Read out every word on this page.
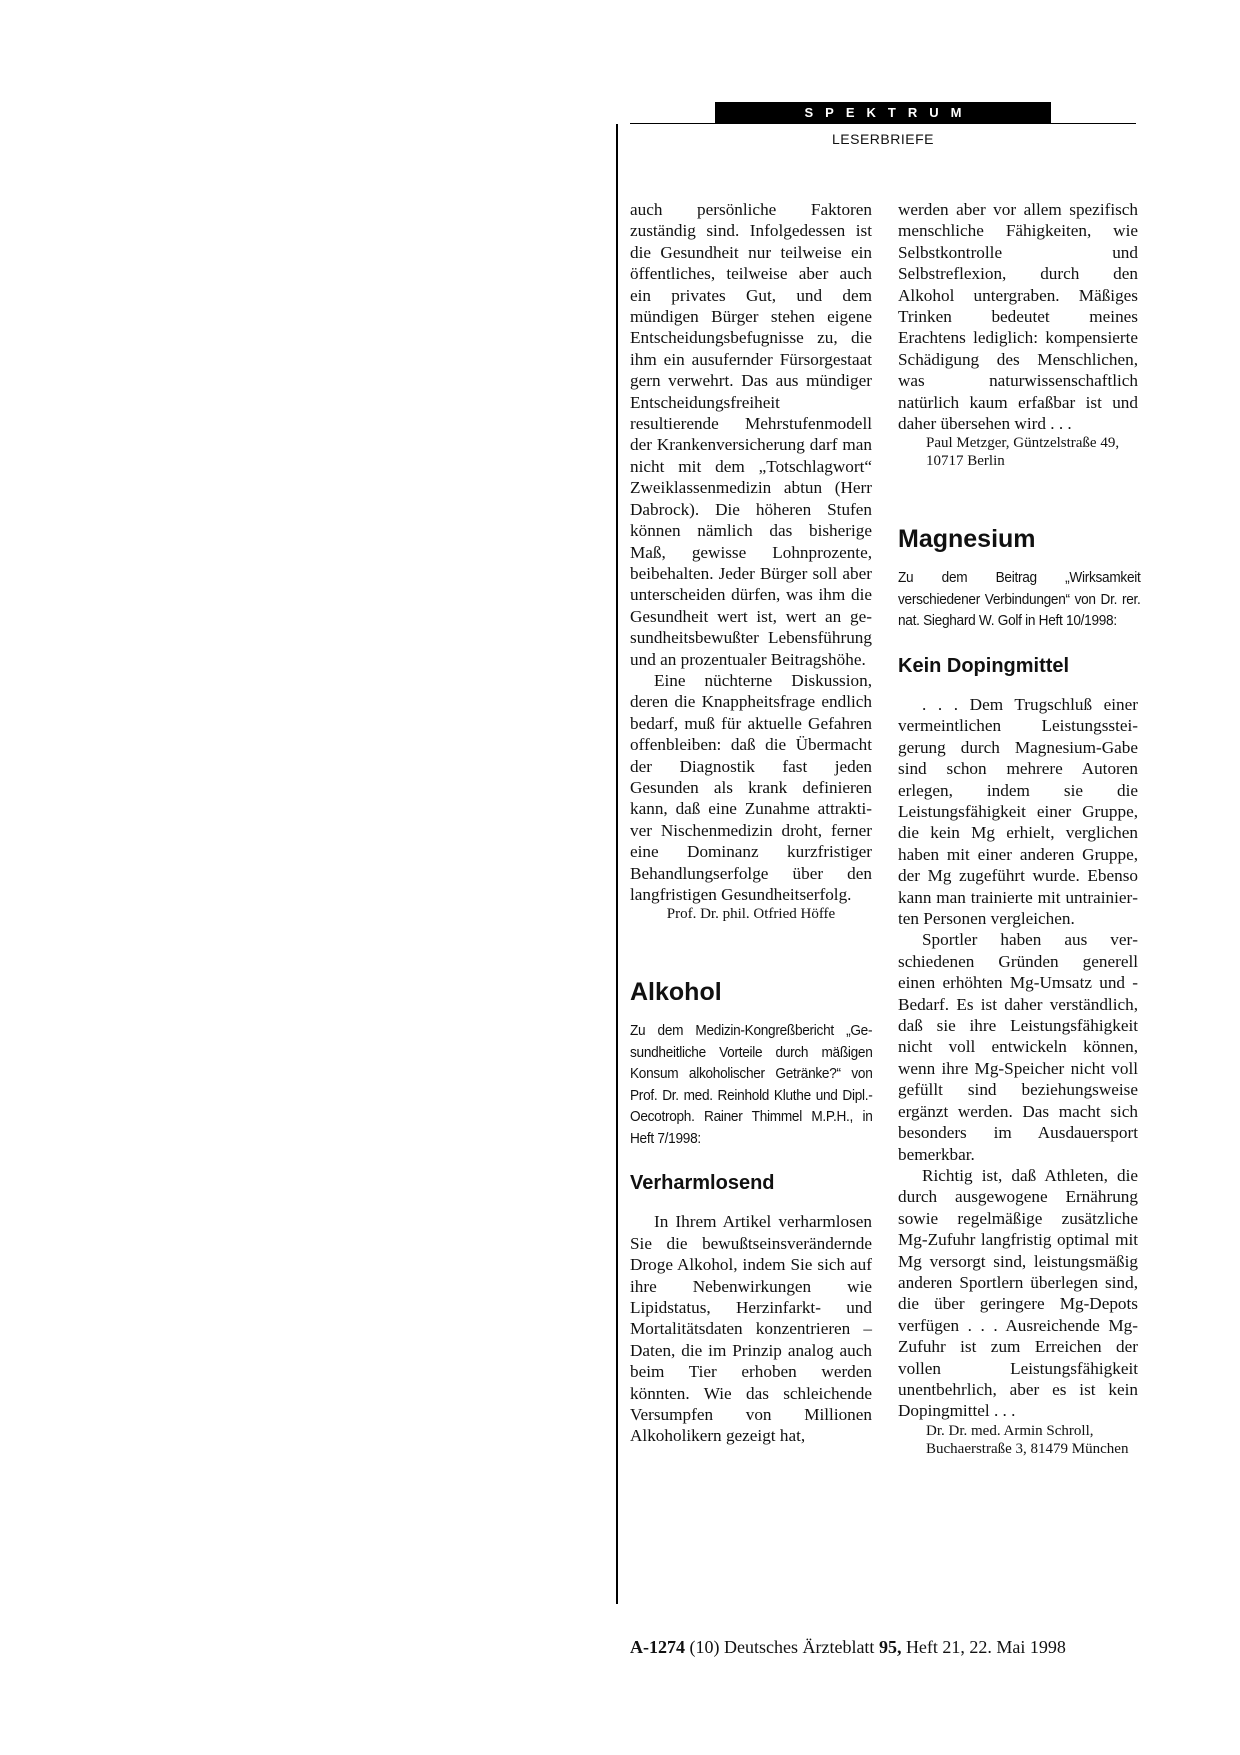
SPEKTRUM
LESERBRIEFE

auch persönliche Faktoren zuständig sind. Infolgedessen ist die Gesundheit nur teilweise ein öffentliches, teilweise aber auch ein privates Gut, und dem mündigen Bürger stehen eigene Entscheidungsbefugnisse zu, die ihm ein ausufernder Fürsorgestaat gern verwehrt. Das aus mündiger Entscheidungsfreiheit resultierende Mehrstufenmodell der Krankenversicherung darf man nicht mit dem „Totschlagwort“ Zweiklassenmedizin abtun (Herr Dabrock). Die höheren Stufen können nämlich das bisherige Maß, gewisse Lohnprozente, beibehalten. Jeder Bürger soll aber unterscheiden dürfen, was ihm die Gesundheit wert ist, wert an gesundheitsbewußter Lebensführung und an prozentualer Beitragshöhe.

Eine nüchterne Diskussion, deren die Knappheitsfrage endlich bedarf, muß für aktuelle Gefahren offenbleiben: daß die Übermacht der Diagnostik fast jeden Gesunden als krank definieren kann, daß eine Zunahme attraktiver Nischenmedizin droht, ferner eine Dominanz kurzfristiger Behandlungserfolge über den langfristigen Gesundheitserfolg.

Prof. Dr. phil. Otfried Höffe

Alkohol

Zu dem Medizin-Kongreßbericht „Gesundheitliche Vorteile durch mäßigen Konsum alkoholischer Getränke?“ von Prof. Dr. med. Reinhold Kluthe und Dipl.-Oecotroph. Rainer Thimmel M.P.H., in Heft 7/1998:

Verharmlosend

In Ihrem Artikel verharmlosen Sie die bewußtseinsverändernde Droge Alkohol, indem Sie sich auf ihre Nebenwirkungen wie Lipidstatus, Herzinfarkt- und Mortalitätsdaten konzentrieren – Daten, die im Prinzip analog auch beim Tier erhoben werden könnten. Wie das schleichende Versumpfen von Millionen Alkoholikern gezeigt hat,

werden aber vor allem spezifisch menschliche Fähigkeiten, wie Selbstkontrolle und Selbstreflexion, durch den Alkohol untergraben. Mäßiges Trinken bedeutet meines Erachtens lediglich: kompensierte Schädigung des Menschlichen, was naturwissenschaftlich natürlich kaum erfaßbar ist und daher übersehen wird . . .

Paul Metzger, Güntzelstraße 49, 10717 Berlin

Magnesium

Zu dem Beitrag „Wirksamkeit verschiedener Verbindungen“ von Dr. rer. nat. Sieghard W. Golf in Heft 10/1998:

Kein Dopingmittel

. . . Dem Trugschluß einer vermeintlichen Leistungssteigerung durch Magnesium-Gabe sind schon mehrere Autoren erlegen, indem sie die Leistungsfähigkeit einer Gruppe, die kein Mg erhielt, verglichen haben mit einer anderen Gruppe, der Mg zugeführt wurde. Ebenso kann man trainierte mit untrainierten Personen vergleichen.

Sportler haben aus verschiedenen Gründen generell einen erhöhten Mg-Umsatz und -Bedarf. Es ist daher verständlich, daß sie ihre Leistungsfähigkeit nicht voll entwickeln können, wenn ihre Mg-Speicher nicht voll gefüllt sind beziehungsweise ergänzt werden. Das macht sich besonders im Ausdauersport bemerkbar.

Richtig ist, daß Athleten, die durch ausgewogene Ernährung sowie regelmäßige zusätzliche Mg-Zufuhr langfristig optimal mit Mg versorgt sind, leistungsmäßig anderen Sportlern überlegen sind, die über geringere Mg-Depots verfügen . . . Ausreichende Mg-Zufuhr ist zum Erreichen der vollen Leistungsfähigkeit unentbehrlich, aber es ist kein Dopingmittel . . .

Dr. Dr. med. Armin Schroll, Buchaerstraße 3, 81479 München

A-1274 (10) Deutsches Ärzteblatt 95, Heft 21, 22. Mai 1998
